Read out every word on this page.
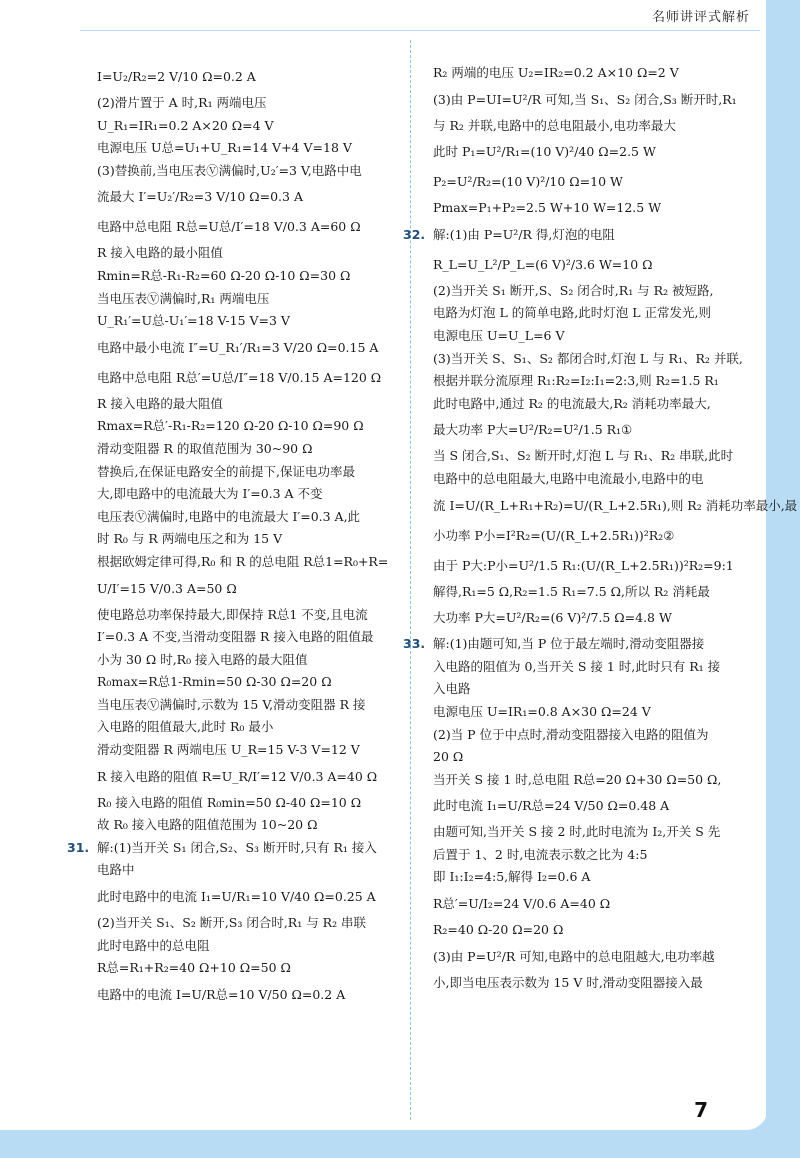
名师讲评式解析
I=U₂/R₂=2 V/10 Ω=0.2 A
(2)滑片置于 A 时,R₁ 两端电压
U_R₁=IR₁=0.2 A×20 Ω=4 V
电源电压 U总=U₁+U_R₁=14 V+4 V=18 V
(3)替换前,当电压表Ⓥ满偏时,U₂′=3 V,电路中电
流最大 I′=U₂′/R₂=3 V/10 Ω=0.3 A
电路中总电阻 R总=U总/I′=18 V/0.3 A=60 Ω
R 接入电路的最小阻值
Rmin=R总-R₁-R₂=60 Ω-20 Ω-10 Ω=30 Ω
当电压表Ⓥ满偏时,R₁ 两端电压
U_R₁′=U总-U₁′=18 V-15 V=3 V
电路中最小电流 I″=U_R₁′/R₁=3 V/20 Ω=0.15 A
电路中总电阻 R总′=U总/I″=18 V/0.15 A=120 Ω
R 接入电路的最大阻值
Rmax=R总′-R₁-R₂=120 Ω-20 Ω-10 Ω=90 Ω
滑动变阻器 R 的取值范围为 30~90 Ω
替换后,在保证电路安全的前提下,保证电功率最
大,即电路中的电流最大为 I′=0.3 A 不变
电压表Ⓥ满偏时,电路中的电流最大 I′=0.3 A,此
时 R₀ 与 R 两端电压之和为 15 V
根据欧姆定律可得,R₀ 和 R 的总电阻 R总1=R₀+R=
U/I′=15 V/0.3 A=50 Ω
使电路总功率保持最大,即保持 R总1 不变,且电流
I′=0.3 A 不变,当滑动变阻器 R 接入电路的阻值最
小为 30 Ω 时,R₀ 接入电路的最大阻值
R₀max=R总1-Rmin=50 Ω-30 Ω=20 Ω
当电压表Ⓥ满偏时,示数为 15 V,滑动变阻器 R 接
入电路的阻值最大,此时 R₀ 最小
滑动变阻器 R 两端电压 U_R=15 V-3 V=12 V
R 接入电路的阻值 R=U_R/I′=12 V/0.3 A=40 Ω
R₀ 接入电路的阻值 R₀min=50 Ω-40 Ω=10 Ω
故 R₀ 接入电路的阻值范围为 10~20 Ω
31. 解:(1)当开关 S₁ 闭合,S₂、S₃ 断开时,只有 R₁ 接入
电路中
此时电路中的电流 I₁=U/R₁=10 V/40 Ω=0.25 A
(2)当开关 S₁、S₂ 断开,S₃ 闭合时,R₁ 与 R₂ 串联
此时电路中的总电阻
R总=R₁+R₂=40 Ω+10 Ω=50 Ω
电路中的电流 I=U/R总=10 V/50 Ω=0.2 A
R₂ 两端的电压 U₂=IR₂=0.2 A×10 Ω=2 V
(3)由 P=UI=U²/R 可知,当 S₁、S₂ 闭合,S₃ 断开时,R₁
与 R₂ 并联,电路中的总电阻最小,电功率最大
此时 P₁=U²/R₁=(10 V)²/40 Ω=2.5 W
P₂=U²/R₂=(10 V)²/10 Ω=10 W
Pmax=P₁+P₂=2.5 W+10 W=12.5 W
32. 解:(1)由 P=U²/R 得,灯泡的电阻
R_L=U_L²/P_L=(6 V)²/3.6 W=10 Ω
(2)当开关 S₁ 断开,S、S₂ 闭合时,R₁ 与 R₂ 被短路,
电路为灯泡 L 的简单电路,此时灯泡 L 正常发光,则
电源电压 U=U_L=6 V
(3)当开关 S、S₁、S₂ 都闭合时,灯泡 L 与 R₁、R₂ 并联,
根据并联分流原理 R₁:R₂=I₂:I₁=2:3,则 R₂=1.5 R₁
此时电路中,通过 R₂ 的电流最大,R₂ 消耗功率最大,
最大功率 P大=U²/R₂=U²/1.5 R₁①
当 S 闭合,S₁、S₂ 断开时,灯泡 L 与 R₁、R₂ 串联,此时
电路中的总电阻最大,电路中电流最小,电路中的电
流 I=U/(R_L+R₁+R₂)=U/(R_L+2.5R₁),则 R₂ 消耗功率最小,最
小功率 P小=I²R₂=(U/(R_L+2.5R₁))²R₂②
由于 P大:P小=U²/1.5 R₁:(U/(R_L+2.5R₁))²R₂=9:1
解得,R₁=5 Ω,R₂=1.5 R₁=7.5 Ω,所以 R₂ 消耗最
大功率 P大=U²/R₂=(6 V)²/7.5 Ω=4.8 W
33. 解:(1)由题可知,当 P 位于最左端时,滑动变阻器接
入电路的阻值为 0,当开关 S 接 1 时,此时只有 R₁ 接
入电路
电源电压 U=IR₁=0.8 A×30 Ω=24 V
(2)当 P 位于中点时,滑动变阻器接入电路的阻值为
20 Ω
当开关 S 接 1 时,总电阻 R总=20 Ω+30 Ω=50 Ω,
此时电流 I₁=U/R总=24 V/50 Ω=0.48 A
由题可知,当开关 S 接 2 时,此时电流为 I₂,开关 S 先
后置于 1、2 时,电流表示数之比为 4:5
即 I₁:I₂=4:5,解得 I₂=0.6 A
R总′=U/I₂=24 V/0.6 A=40 Ω
R₂=40 Ω-20 Ω=20 Ω
(3)由 P=U²/R 可知,电路中的总电阻越大,电功率越
小,即当电压表示数为 15 V 时,滑动变阻器接入最
7
